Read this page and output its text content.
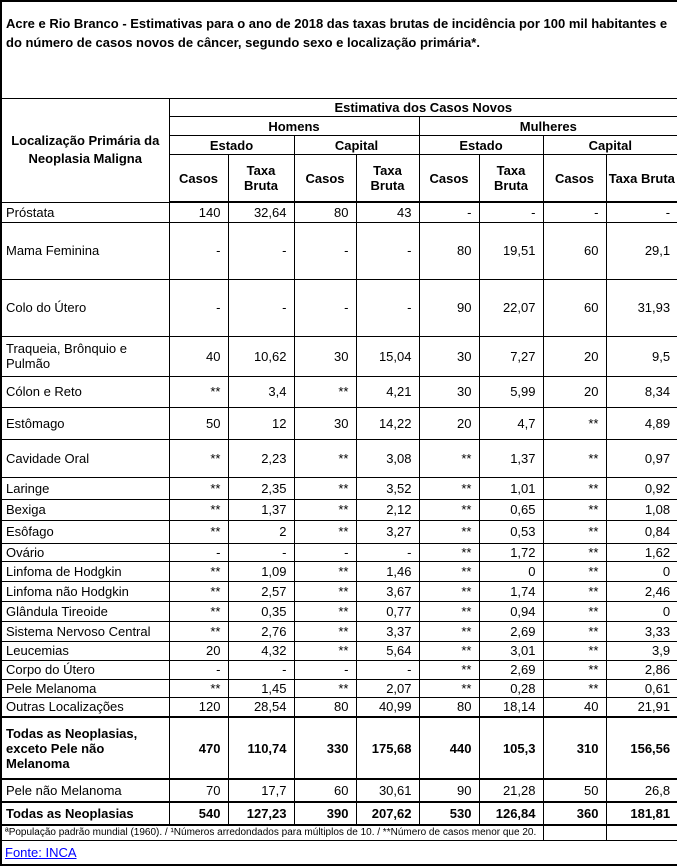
Acre e Rio Branco - Estimativas para o ano de 2018 das taxas brutas de incidência por 100 mil habitantes e do número de casos novos de câncer, segundo sexo e localização primária*.								
Localização Primária da Neoplasia Maligna	Estimativa dos Casos Novos							
	Homens				Mulheres			
	Estado		Capital		Estado		Capital	
	Casos	Taxa Bruta	Casos	Taxa Bruta	Casos	Taxa Bruta	Casos	Taxa Bruta
Próstata	140	32,64	80	43	-	-	-	-
Mama Feminina	-	-	-	-	80	19,51	60	29,1
Colo do Útero	-	-	-	-	90	22,07	60	31,93
Traqueia, Brônquio e Pulmão	40	10,62	30	15,04	30	7,27	20	9,5
Cólon e Reto	**	3,4	**	4,21	30	5,99	20	8,34
Estômago	50	12	30	14,22	20	4,7	**	4,89
Cavidade Oral	**	2,23	**	3,08	**	1,37	**	0,97
Laringe	**	2,35	**	3,52	**	1,01	**	0,92
Bexiga	**	1,37	**	2,12	**	0,65	**	1,08
Esôfago	**	2	**	3,27	**	0,53	**	0,84
Ovário	-	-	-	-	**	1,72	**	1,62
Linfoma de Hodgkin	**	1,09	**	1,46	**	0	**	0
Linfoma não Hodgkin	**	2,57	**	3,67	**	1,74	**	2,46
Glândula Tireoide	**	0,35	**	0,77	**	0,94	**	0
Sistema Nervoso Central	**	2,76	**	3,37	**	2,69	**	3,33
Leucemias	20	4,32	**	5,64	**	3,01	**	3,9
Corpo do Útero	-	-	-	-	**	2,69	**	2,86
Pele Melanoma	**	1,45	**	2,07	**	0,28	**	0,61
Outras Localizações	120	28,54	80	40,99	80	18,14	40	21,91
Todas as Neoplasias, exceto Pele não Melanoma	470	110,74	330	175,68	440	105,3	310	156,56
Pele não Melanoma	70	17,7	60	30,61	90	21,28	50	26,8
Todas as Neoplasias	540	127,23	390	207,62	530	126,84	360	181,81
ªPopulação padrão mundial (1960). / ¹Números arredondados para múltiplos de 10. / **Número de casos menor que 20.								
Fonte: INCA								
